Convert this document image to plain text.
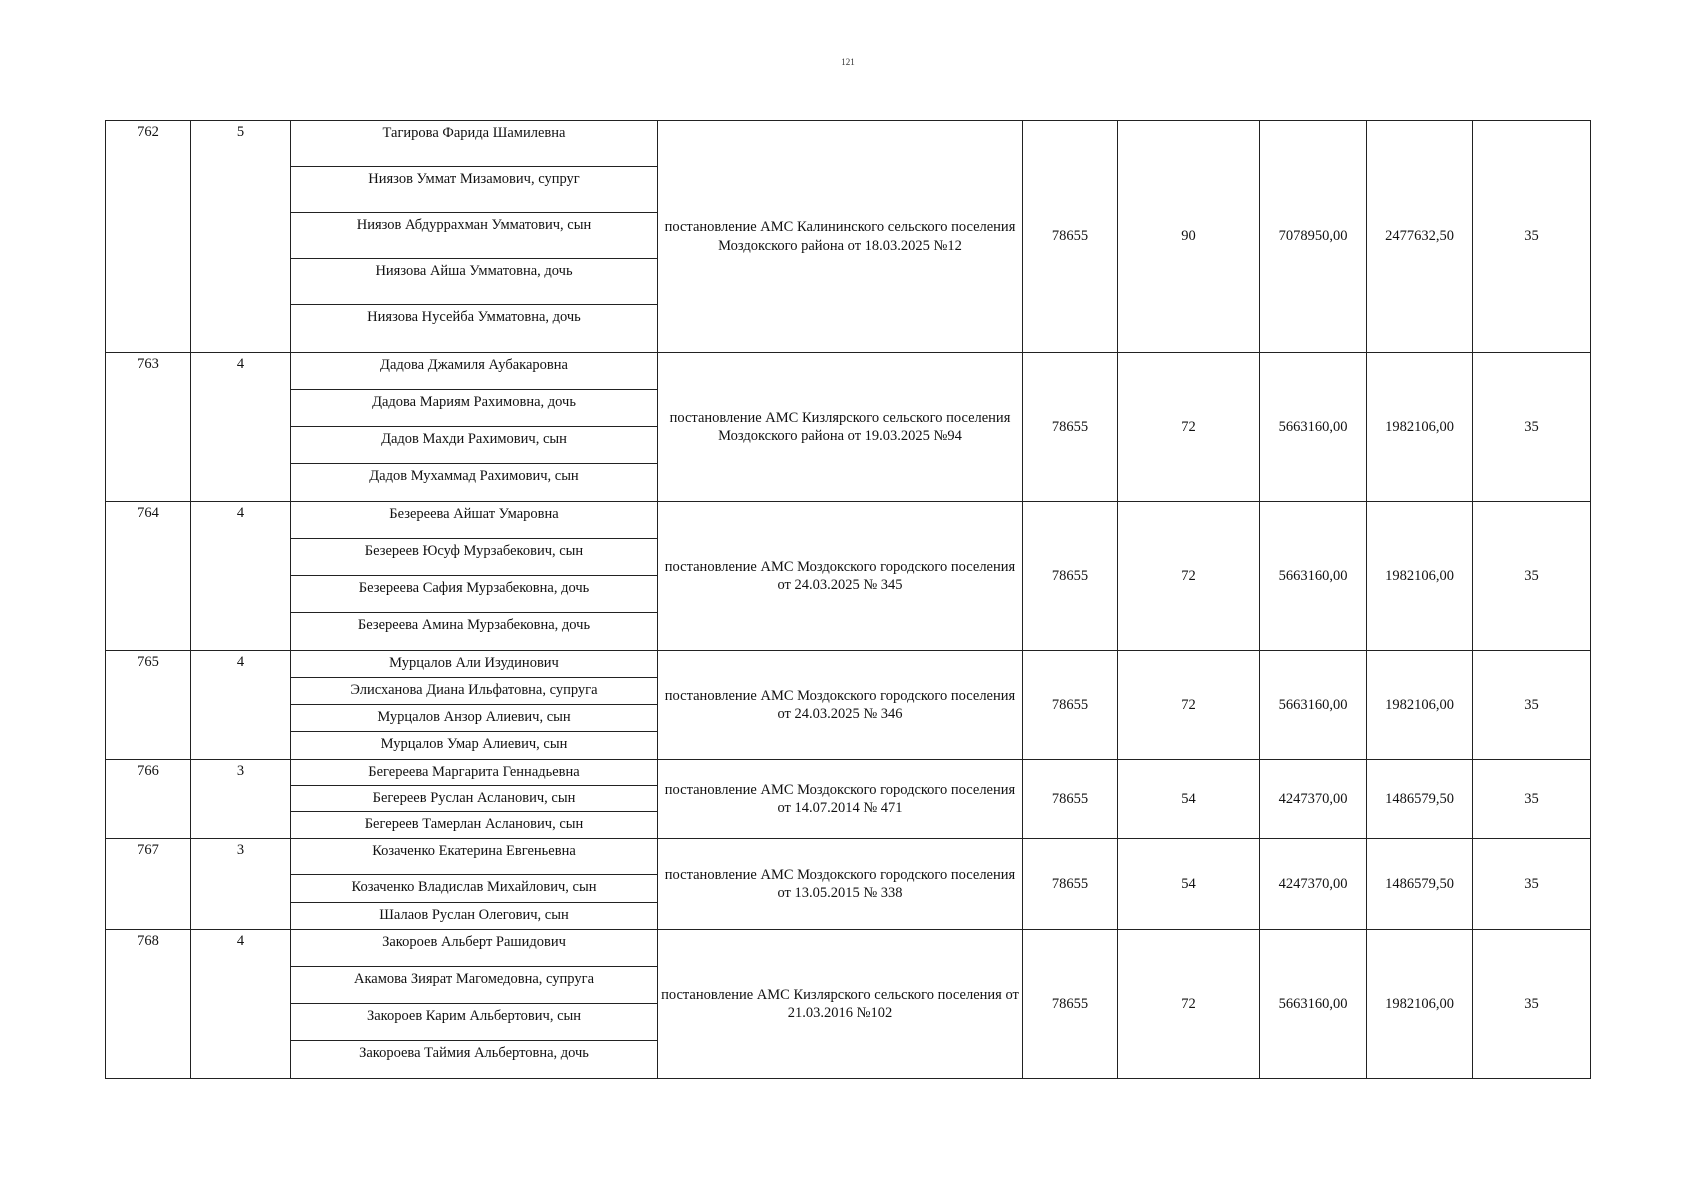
121
762	5	Тагирова Фарида Шамилевна
Ниязов Уммат Мизамович, супруг
Ниязов Абдуррахман Умматович, сын
Ниязова Айша Умматовна, дочь
Ниязова Нусейба Умматовна, дочь	постановление АМС Калининского сельского поселения Моздокского района от 18.03.2025 №12	78655	90	7078950,00	2477632,50	35
763	4	Дадова Джамиля Аубакаровна
Дадова Мариям Рахимовна, дочь
Дадов Махди Рахимович, сын
Дадов Мухаммад Рахимович, сын	постановление АМС Кизлярского сельского поселения Моздокского района от 19.03.2025 №94	78655	72	5663160,00	1982106,00	35
764	4	Безереева Айшат Умаровна
Безереев Юсуф Мурзабекович, сын
Безереева Сафия Мурзабековна, дочь
Безереева Амина Мурзабековна, дочь	постановление АМС Моздокского городского поселения от 24.03.2025 № 345	78655	72	5663160,00	1982106,00	35
765	4	Мурцалов Али Изудинович
Элисханова Диана Ильфатовна, супруга
Мурцалов Анзор Алиевич, сын
Мурцалов Умар Алиевич, сын	постановление АМС Моздокского городского поселения от 24.03.2025 № 346	78655	72	5663160,00	1982106,00	35
766	3	Бегереева Маргарита Геннадьевна
Бегереев Руслан Асланович, сын
Бегереев Тамерлан Асланович, сын	постановление АМС Моздокского городского поселения от 14.07.2014 № 471	78655	54	4247370,00	1486579,50	35
767	3	Козаченко Екатерина Евгеньевна
Козаченко Владислав Михайлович, сын
Шалаов Руслан Олегович, сын	постановление АМС Моздокского городского поселения от 13.05.2015 № 338	78655	54	4247370,00	1486579,50	35
768	4	Закороев Альберт Рашидович
Акамова Зиярат Магомедовна, супруга
Закороев Карим Альбертович, сын
Закороева Таймия Альбертовна, дочь	постановление АМС Кизлярского сельского поселения от 21.03.2016 №102	78655	72	5663160,00	1982106,00	35
